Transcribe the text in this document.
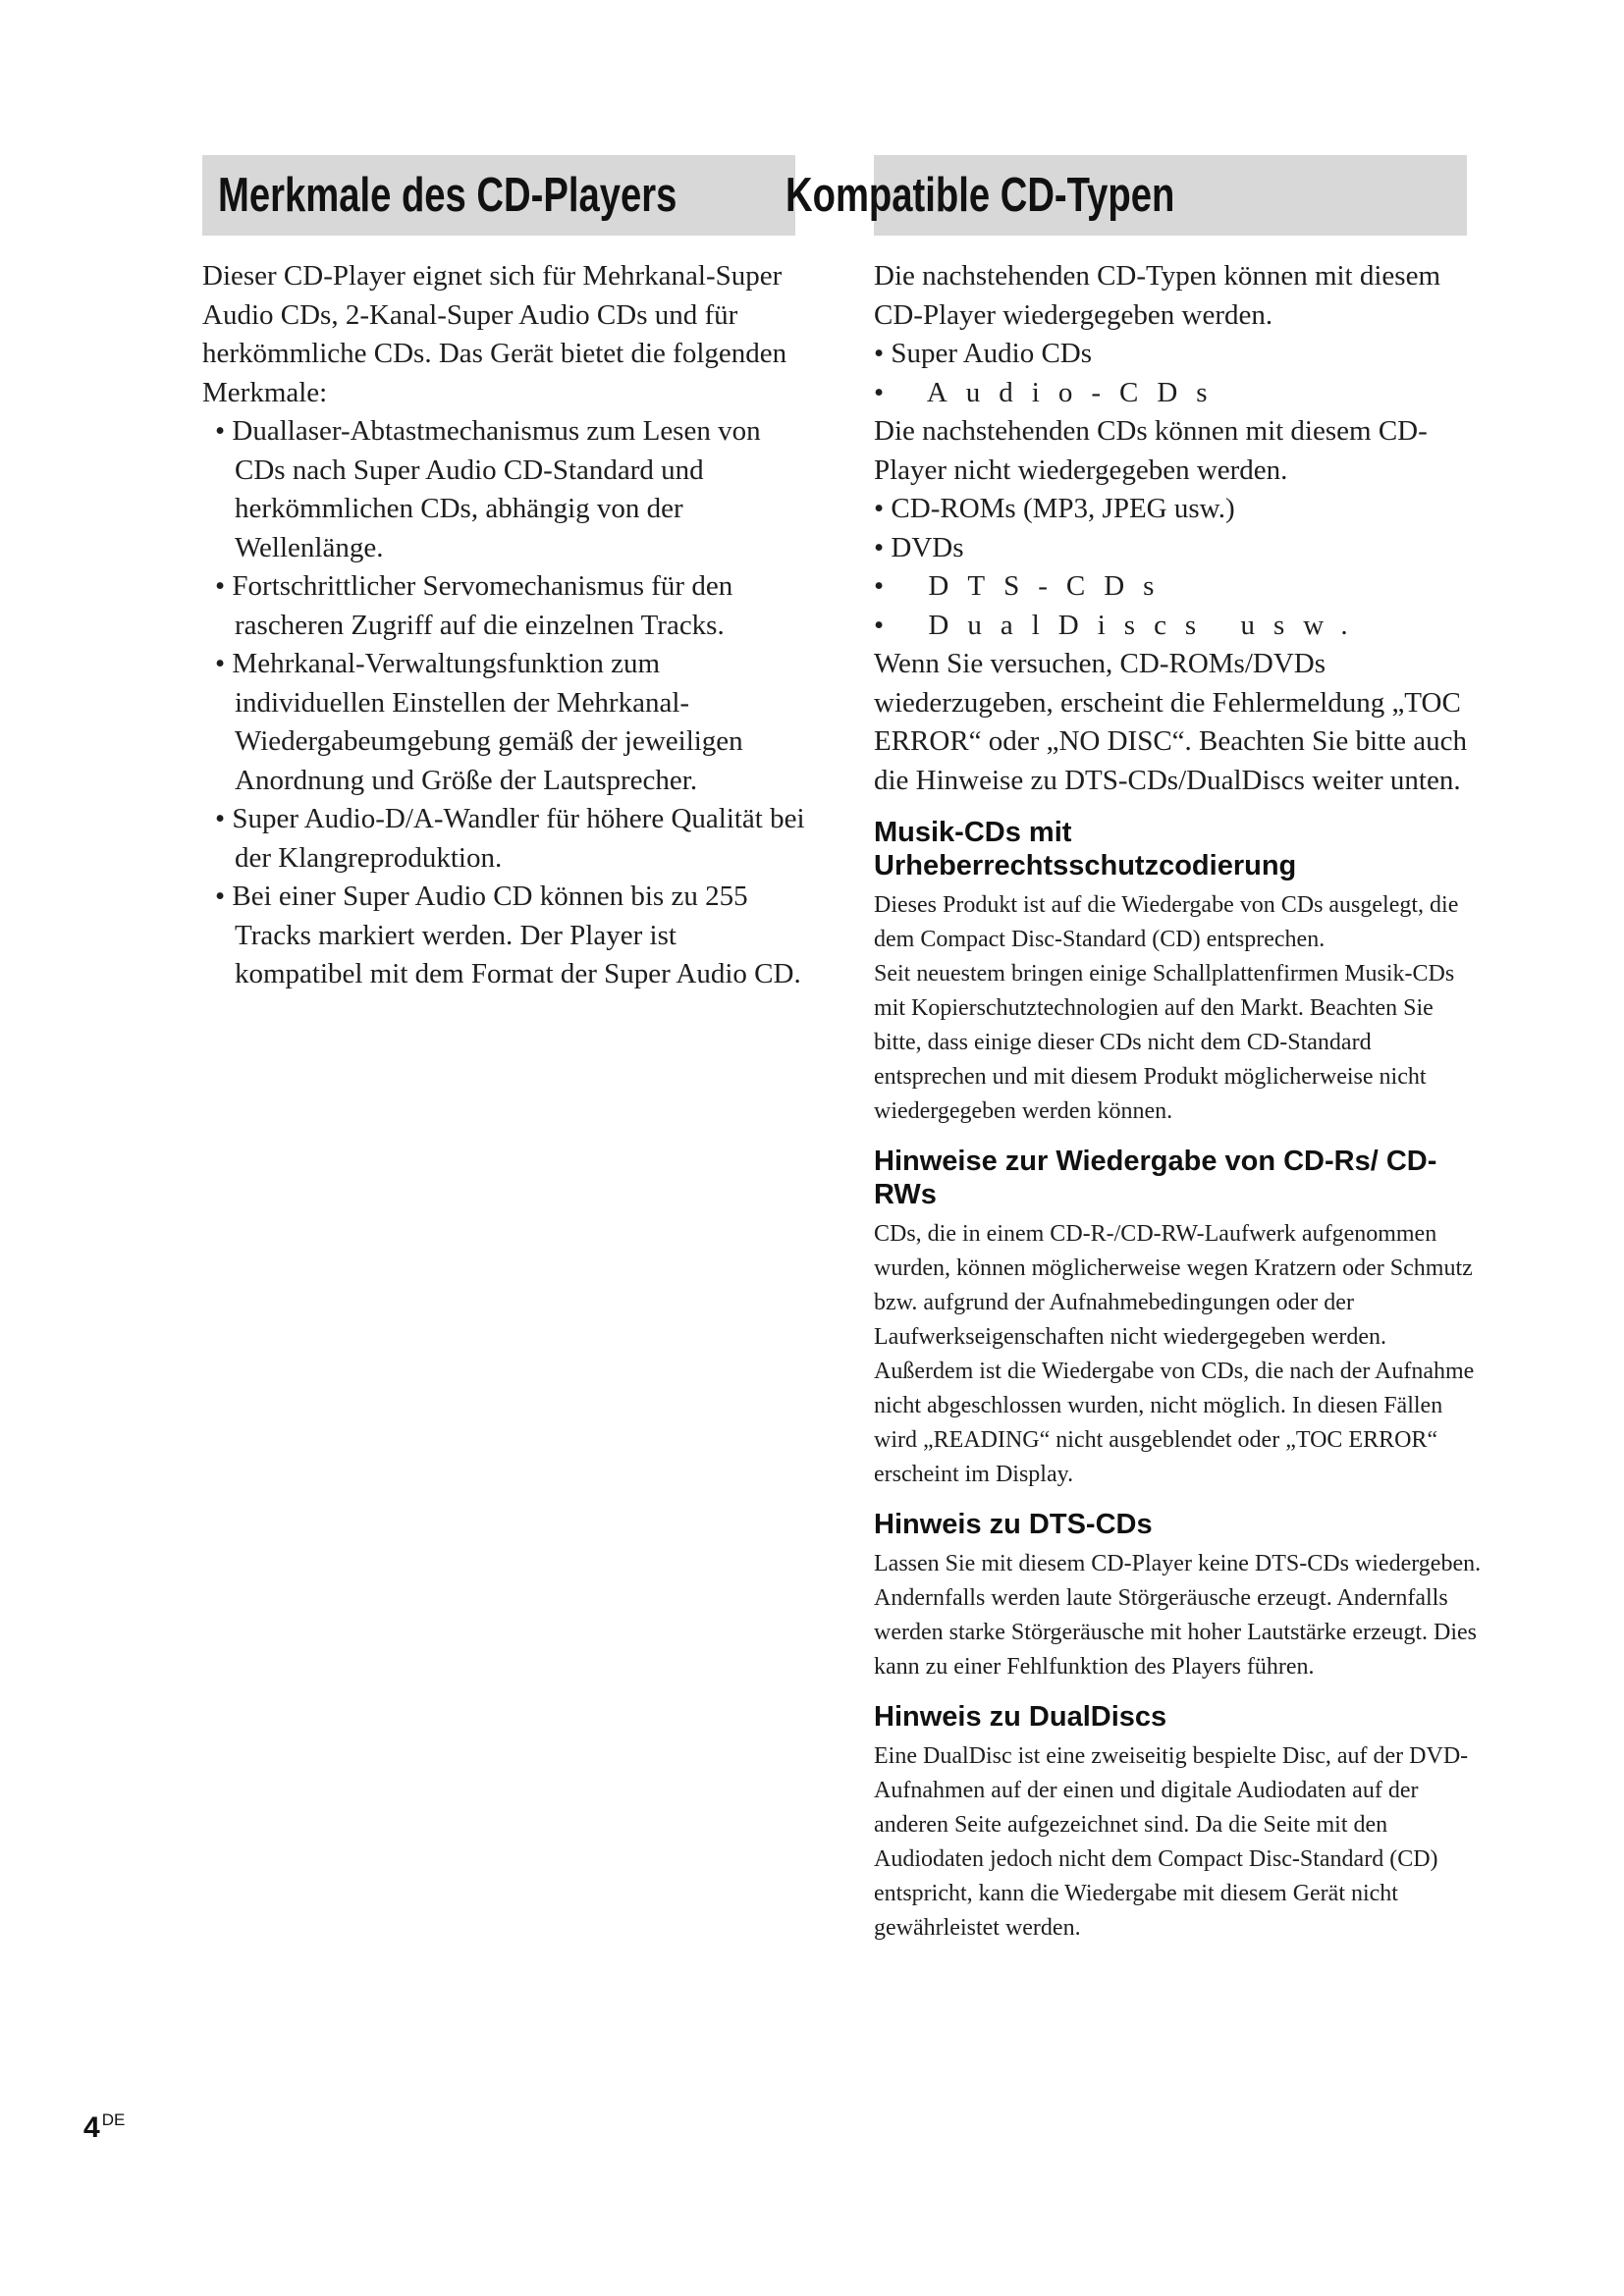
Merkmale des CD-Players Kompatible CD-Typen

Dieser CD-Player eignet sich für Mehrkanal-Super Audio CDs, 2-Kanal-Super Audio CDs und für herkömmliche CDs. Das Gerät bietet die folgenden Merkmale:

• Duallaser-Abtastmechanismus zum Lesen von CDs nach Super Audio CD-Standard und herkömmlichen CDs, abhängig von der Wellenlänge.
• Fortschrittlicher Servomechanismus für den rascheren Zugriff auf die einzelnen Tracks.
• Mehrkanal-Verwaltungsfunktion zum individuellen Einstellen der Mehrkanal-Wiedergabeumgebung gemäß der jeweiligen Anordnung und Größe der Lautsprecher.
• Super Audio-D/A-Wandler für höhere Qualität bei der Klangreproduktion.
• Bei einer Super Audio CD können bis zu 255 Tracks markiert werden. Der Player ist kompatibel mit dem Format der Super Audio CD.

Die nachstehenden CD-Typen können mit diesem CD-Player wiedergegeben werden.

• Super Audio CDs
• Audio-CDs

Die nachstehenden CDs können mit diesem CD-Player nicht wiedergegeben werden.

• CD-ROMs (MP3, JPEG usw.)
• DVDs
• DTS-CDs
• DualDiscs usw.

Wenn Sie versuchen, CD-ROMs/DVDs wiederzugeben, erscheint die Fehlermeldung „TOC ERROR“ oder „NO DISC“. Beachten Sie bitte auch die Hinweise zu DTS-CDs/DualDiscs weiter unten.

Musik-CDs mit Urheberrechtsschutzcodierung

Dieses Produkt ist auf die Wiedergabe von CDs ausgelegt, die dem Compact Disc-Standard (CD) entsprechen.

Seit neuestem bringen einige Schallplattenfirmen Musik-CDs mit Kopierschutztechnologien auf den Markt. Beachten Sie bitte, dass einige dieser CDs nicht dem CD-Standard entsprechen und mit diesem Produkt möglicherweise nicht wiedergegeben werden können.

Hinweise zur Wiedergabe von CD-Rs/ CD-RWs

CDs, die in einem CD-R-/CD-RW-Laufwerk aufgenommen wurden, können möglicherweise wegen Kratzern oder Schmutz bzw. aufgrund der Aufnahmebedingungen oder der Laufwerkseigenschaften nicht wiedergegeben werden. Außerdem ist die Wiedergabe von CDs, die nach der Aufnahme nicht abgeschlossen wurden, nicht möglich. In diesen Fällen wird „READING“ nicht ausgeblendet oder „TOC ERROR“ erscheint im Display.

Hinweis zu DTS-CDs

Lassen Sie mit diesem CD-Player keine DTS-CDs wiedergeben. Andernfalls werden laute Störgeräusche erzeugt. Andernfalls werden starke Störgeräusche mit hoher Lautstärke erzeugt. Dies kann zu einer Fehlfunktion des Players führen.

Hinweis zu DualDiscs

Eine DualDisc ist eine zweiseitig bespielte Disc, auf der DVD-Aufnahmen auf der einen und digitale Audiodaten auf der anderen Seite aufgezeichnet sind. Da die Seite mit den Audiodaten jedoch nicht dem Compact Disc-Standard (CD) entspricht, kann die Wiedergabe mit diesem Gerät nicht gewährleistet werden.

4 $^{DE}$
